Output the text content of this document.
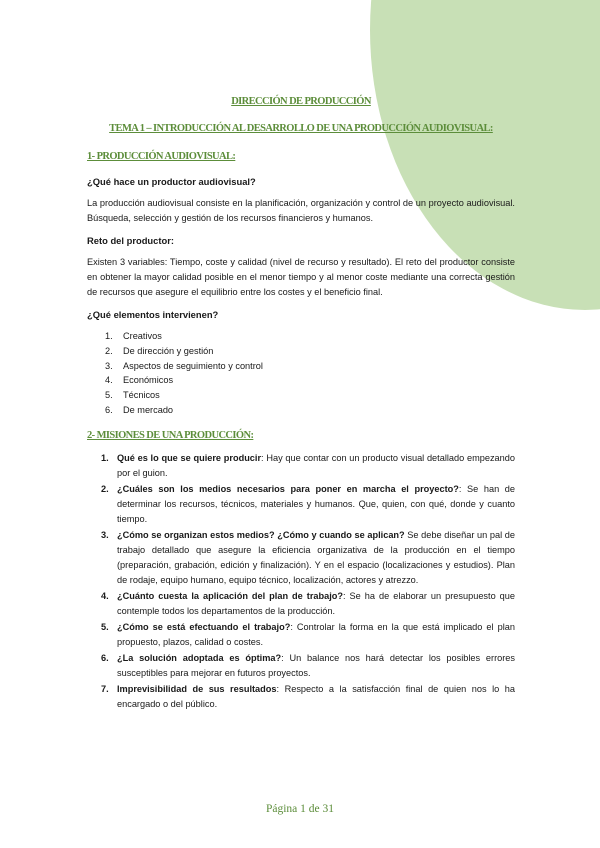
DIRECCIÓN DE PRODUCCIÓN
TEMA 1 – INTRODUCCIÓN AL DESARROLLO DE UNA PRODUCCIÓN AUDIOVISUAL:
1- PRODUCCIÓN AUDIOVISUAL:

¿Qué hace un productor audiovisual?

La producción audiovisual consiste en la planificación, organización y control de un proyecto audiovisual. Búsqueda, selección y gestión de los recursos financieros y humanos.

Reto del productor:

Existen 3 variables: Tiempo, coste y calidad (nivel de recurso y resultado). El reto del productor consiste en obtener la mayor calidad posible en el menor tiempo y al menor coste mediante una correcta gestión de recursos que asegure el equilibrio entre los costes y el beneficio final.

¿Qué elementos intervienen?

1.	Creativos
2.	De dirección y gestión
3.	Aspectos de seguimiento y control
4.	Económicos
5.	Técnicos
6.	De mercado
2- MISIONES DE UNA PRODUCCIÓN:
1. Qué es lo que se quiere producir: Hay que contar con un producto visual detallado empezando por el guion.
2. ¿Cuáles son los medios necesarios para poner en marcha el proyecto?: Se han de determinar los recursos, técnicos, materiales y humanos. Que, quien, con qué, donde y cuanto tiempo.
3. ¿Cómo se organizan estos medios? ¿Cómo y cuando se aplican? Se debe diseñar un pal de trabajo detallado que asegure la eficiencia organizativa de la producción en el tiempo (preparación, grabación, edición y finalización). Y en el espacio (localizaciones y estudios). Plan de rodaje, equipo humano, equipo técnico, localización, actores y atrezzo.
4. ¿Cuánto cuesta la aplicación del plan de trabajo?: Se ha de elaborar un presupuesto que contemple todos los departamentos de la producción.
5. ¿Cómo se está efectuando el trabajo?: Controlar la forma en la que está implicado el plan propuesto, plazos, calidad o costes.
6. ¿La solución adoptada es óptima?: Un balance nos hará detectar los posibles errores susceptibles para mejorar en futuros proyectos.
7. Imprevisibilidad de sus resultados: Respecto a la satisfacción final de quien nos lo ha encargado o del público.
Página 1 de 31
